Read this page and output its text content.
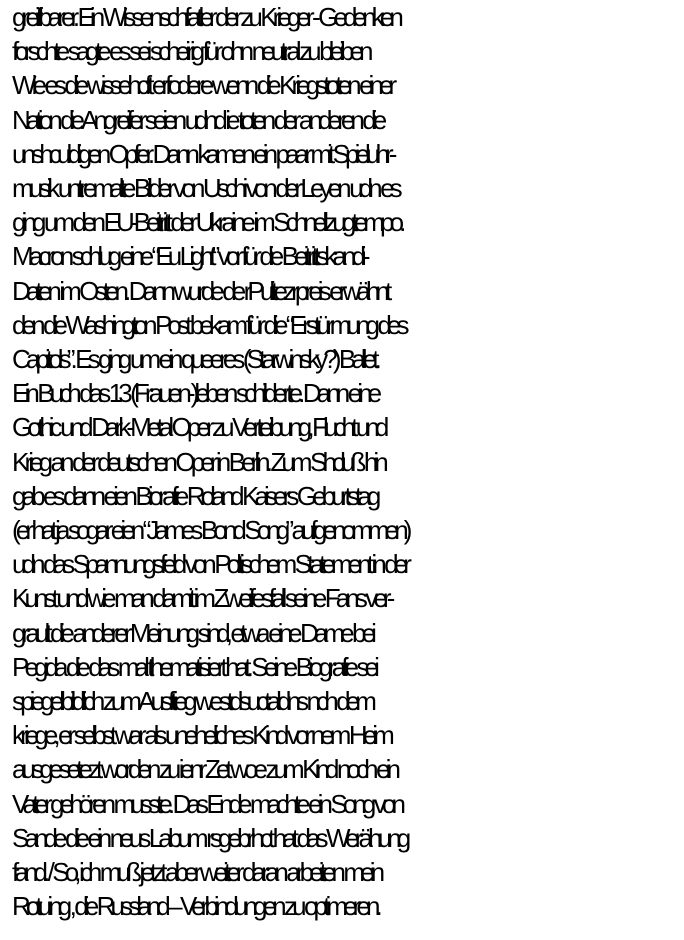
greifbarer. Ein Wissenschfatler der zu Krieger - Gedenken
forschte sagte es sei scheirig für ohn neutral zu bleiben
Wie es die wissehcft erfodere wenn die Kriegstoten einer
Nation die Angreifer seien udnd ie toten der anderen die
unshculdigen Opfer. Dann kamen ein paar mit Spieluhr-
musik untremalte Bilder von Uschi von der Leyen udn es
ging um den EU-Beitritt der Ukraine im Schnellzugtempo.
Macron schlug eine “Eu Light” vor für die Beitrittskandi-
Daten im Osten. Dann wurde de rPulitezrpreis erwähnt
den die Washington Post bekam für die “Erstürmung des
Capitols”. Es ging um ein queeres (Starwinsky?) Ballet.
Ein Buch das 13 (Frauen-)leben schilderte. Dann eine
Gothic und Dark-Metal Oper zu Verteibung, Flucht und
Krieg an der deutschen Oper in Berlin. Zum Shcluß hin
gab es dann eien Biorafie Roland Kaisers Geburtstag
(er hat ja sogar eien “James Bond Song” aufgenommen)
udn das Spannungsfeld von Poltischem Statement in der
Kunst und wie man damit im Zweifesfall seine Fans ver-
grault die anderer Meinung sind, etwa eine Dame bei
Pegida die das mal thematisiert hat. Seine Biografie sei
spiegelbildlich zum Ausftieg westdsuctaldns nch dem
kriege, er selbst war als uneheliches Kind vor nem Heim
ausgesetezt worden zu ienr Zet woe zum Kind noch ein
Vater gehören musste. Das Ende machte ein Song von
Sande die ein neus Labum rsgebrhct hat das Werähung
fand. / So, ich muß jetzt aber weiter daran arbeiten mein
Rotuing , die Russland – Verbindungen zu optimeren.
